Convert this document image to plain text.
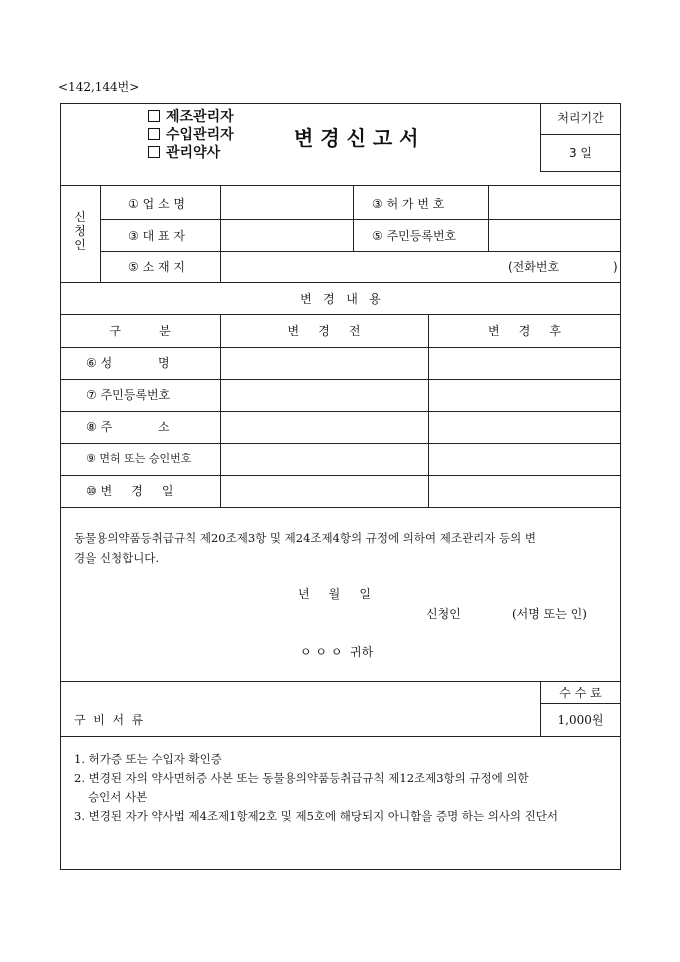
<142,144번>
제조관리자
수입관리자
관리약사
변 경 신 고 서
처리기간
3 일
신
청
인
① 업 소 명	③ 허 가 번 호
③ 대 표 자	⑤ 주민등록번호
⑤ 소 재 지	(전화번호	)
변   경   내   용
구          분	변     경     전	변     경     후
⑥ 성            명
⑦ 주민등록번호
⑧ 주            소
⑨ 면허 또는 승인번호
⑩ 변     경     일
동물용의약품등취급규칙 제20조제3항 및 제24조제4항의 규정에 의하여 제조관리자 등의 변
경을 신청합니다.
년     월     일
신청인	(서명 또는 인)
ㅇ ㅇ ㅇ  귀하
수 수 료
1,000원
구  비  서  류
1. 허가증 또는 수입자 확인증
2. 변경된 자의 약사면허증 사본 또는 동물용의약품등취급규칙 제12조제3항의 규정에 의한
승인서 사본
3. 변경된 자가 약사법 제4조제1항제2호 및 제5호에 해당되지 아니함을 증명 하는 의사의 진단서
